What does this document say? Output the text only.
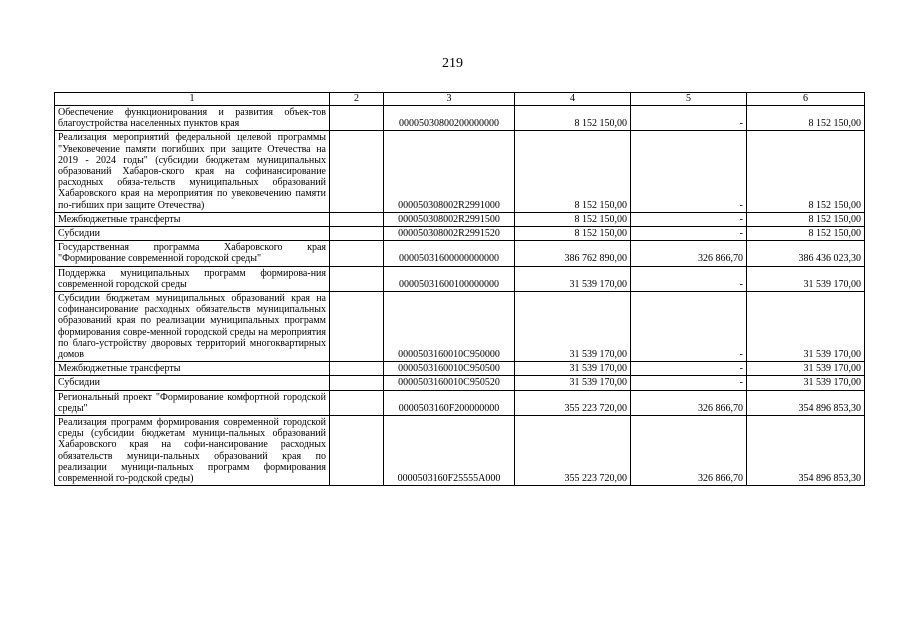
219
1	2	3	4	5	6
Обеспечение функционирования и развития объек-тов благоустройства населенных пунктов края		00005030800200000000	8 152 150,00	-	8 152 150,00
Реализация мероприятий федеральной целевой программы "Увековечение памяти погибших при защите Отечества на 2019 - 2024 годы" (субсидии бюджетам муниципальных образований Хабаров-ского края на софинансирование расходных обяза-тельств муниципальных образований Хабаровского края на мероприятия по увековечению памяти по-гибших при защите Отечества)		000050308002R2991000	8 152 150,00	-	8 152 150,00
Межбюджетные трансферты		000050308002R2991500	8 152 150,00	-	8 152 150,00
Субсидии		000050308002R2991520	8 152 150,00	-	8 152 150,00
Государственная программа Хабаровского края "Формирование современной городской среды"		00005031600000000000	386 762 890,00	326 866,70	386 436 023,30
Поддержка муниципальных программ формирова-ния современной городской среды		00005031600100000000	31 539 170,00	-	31 539 170,00
Субсидии бюджетам муниципальных образований края на софинансирование расходных обязательств муниципальных образований края по реализации муниципальных программ формирования совре-менной городской среды на мероприятия по благо-устройству дворовых территорий многоквартирных домов		0000503160010С950000	31 539 170,00	-	31 539 170,00
Межбюджетные трансферты		0000503160010С950500	31 539 170,00	-	31 539 170,00
Субсидии		0000503160010С950520	31 539 170,00	-	31 539 170,00
Региональный проект "Формирование комфортной городской среды"		0000503160F200000000	355 223 720,00	326 866,70	354 896 853,30
Реализация программ формирования современной городской среды (субсидии бюджетам муници-пальных образований Хабаровского края на софи-нансирование расходных обязательств муници-пальных образований края по реализации муници-пальных программ формирования современной го-родской среды)		0000503160F25555А000	355 223 720,00	326 866,70	354 896 853,30
